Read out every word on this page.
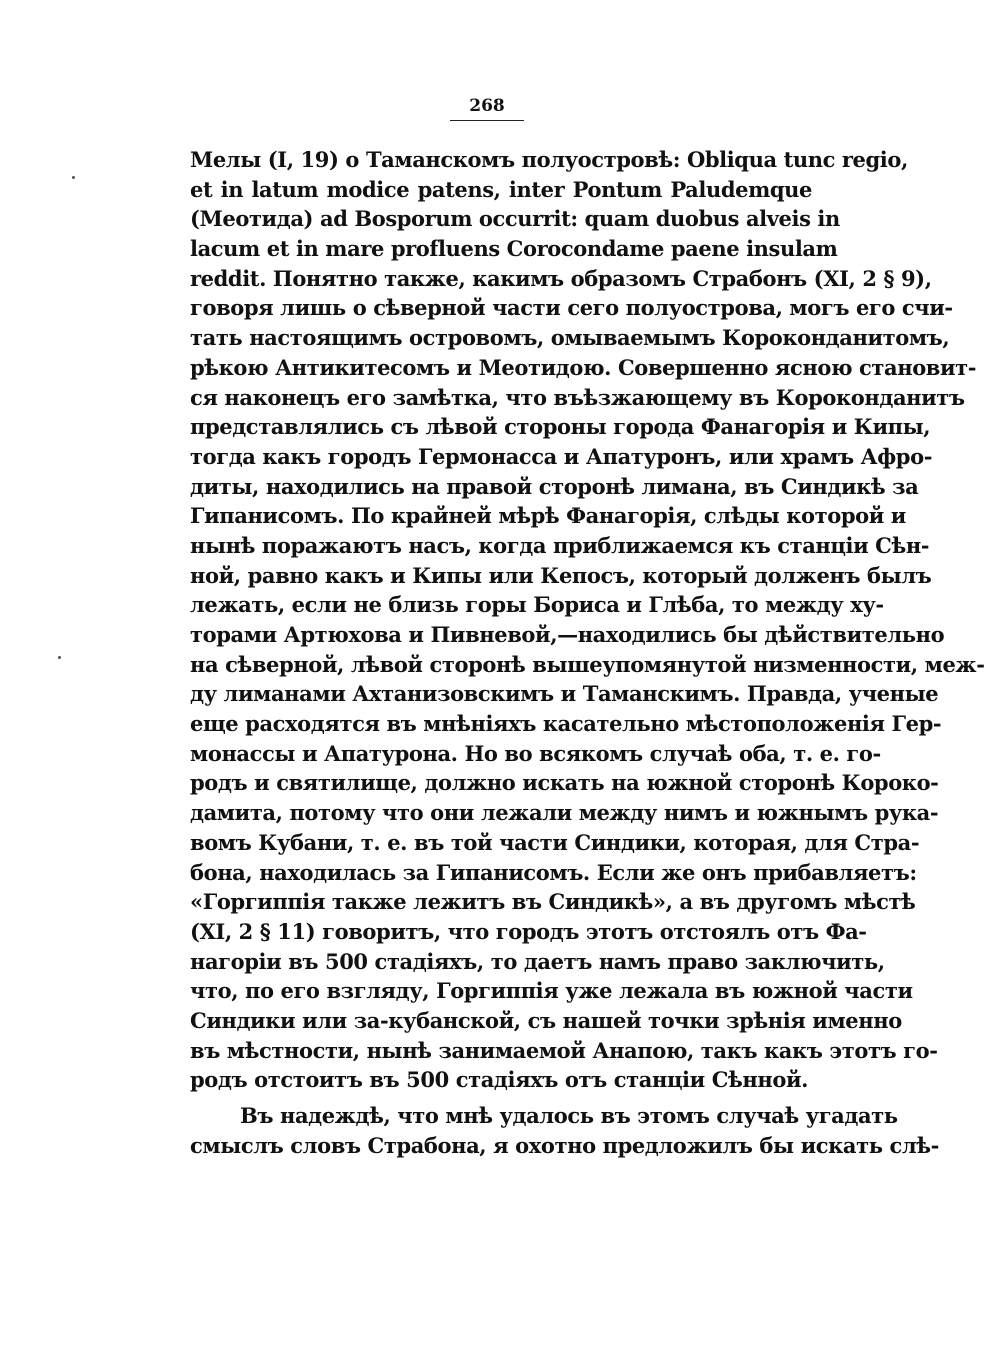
268
Мелы (I, 19) о Таманскомъ полуостровѣ: Obliqua tunc regio,
et in latum modice patens, inter Pontum Paludemque
(Меотида) ad Bosporum occurrit: quam duobus alveis in
lacum et in mare profluens Corocondame paene insulam
reddit. Понятно также, какимъ образомъ Страбонъ (XI, 2 § 9),
говоря лишь о сѣверной части сего полуострова, могъ его счи-
тать настоящимъ островомъ, омываемымъ Короконданитомъ,
рѣкою Антикитесомъ и Меотидою. Совершенно ясною становит-
ся наконецъ его замѣтка, что въѣзжающему въ Короконданитъ
представлялись съ лѣвой стороны города Фанагорія и Кипы,
тогда какъ городъ Гермонасса и Апатуронъ, или храмъ Афро-
диты, находились на правой сторонѣ лимана, въ Синдикѣ за
Гипанисомъ. По крайней мѣрѣ Фанагорія, слѣды которой и
нынѣ поражаютъ насъ, когда приближаемся къ станціи Сѣн-
ной, равно какъ и Кипы или Кепосъ, который долженъ былъ
лежать, если не близь горы Бориса и Глѣба, то между ху-
торами Артюхова и Пивневой,—находились бы дѣйствительно
на сѣверной, лѣвой сторонѣ вышеупомянутой низменности, меж-
ду лиманами Ахтанизовскимъ и Таманскимъ. Правда, ученые
еще расходятся въ мнѣніяхъ касательно мѣстоположенія Гер-
монассы и Апатурона. Но во всякомъ случаѣ оба, т. е. го-
родъ и святилище, должно искать на южной сторонѣ Короко-
дамита, потому что они лежали между нимъ и южнымъ рука-
вомъ Кубани, т. е. въ той части Синдики, которая, для Стра-
бона, находилась за Гипанисомъ. Если же онъ прибавляетъ:
«Горгиппія также лежитъ въ Синдикѣ», а въ другомъ мѣстѣ
(XI, 2 § 11) говоритъ, что городъ этотъ отстоялъ отъ Фа-
нагоріи въ 500 стадіяхъ, то даетъ намъ право заключить,
что, по его взгляду, Горгиппія уже лежала въ южной части
Синдики или за-кубанской, съ нашей точки зрѣнія именно
въ мѣстности, нынѣ занимаемой Анапою, такъ какъ этотъ го-
родъ отстоитъ въ 500 стадіяхъ отъ станціи Сѣнной.
Въ надеждѣ, что мнѣ удалось въ этомъ случаѣ угадать
смыслъ словъ Страбона, я охотно предложилъ бы искать слѣ-
